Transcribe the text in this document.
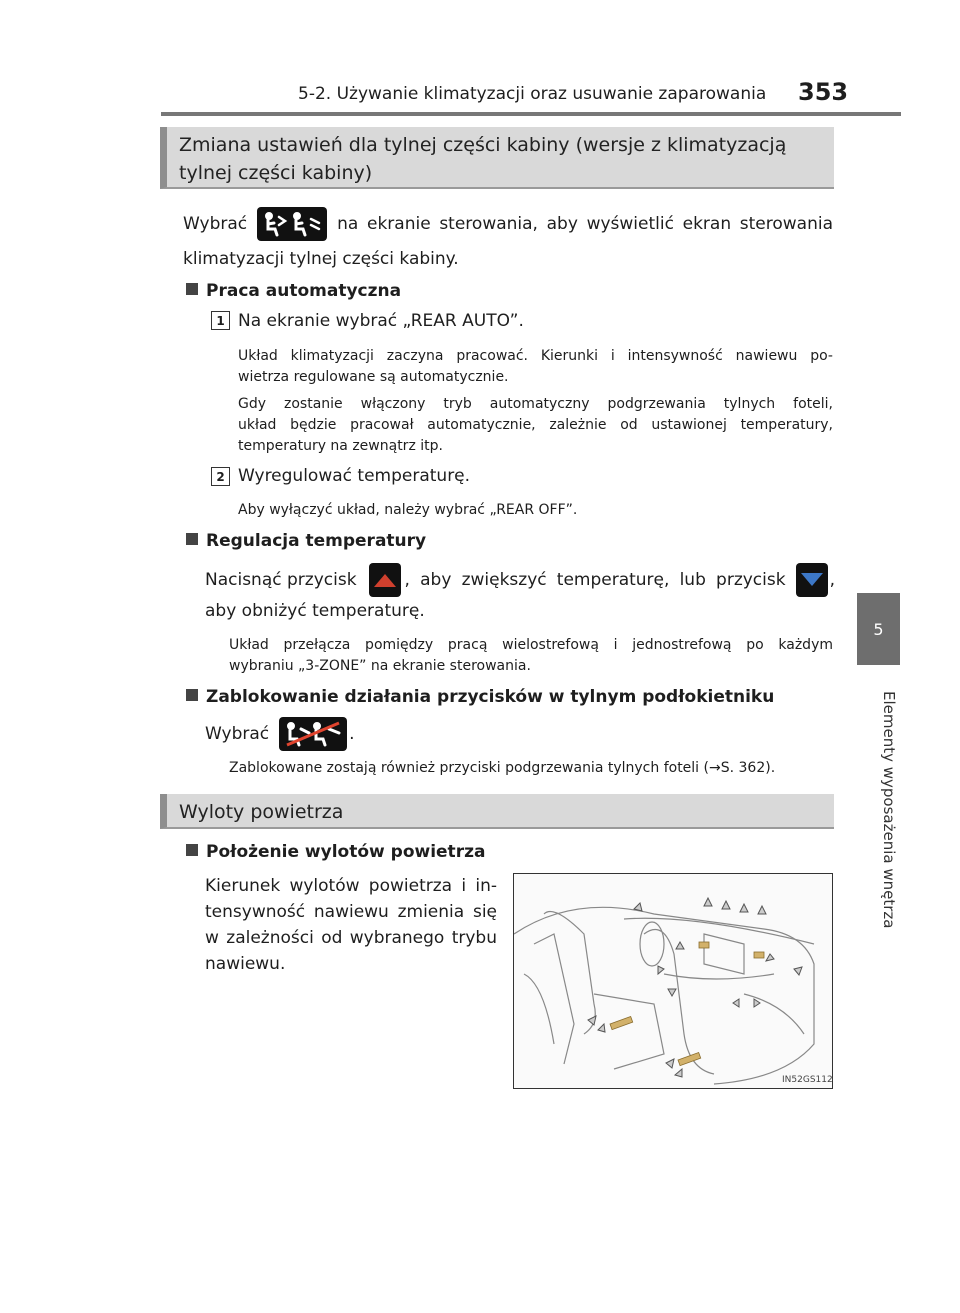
5-2. Używanie klimatyzacji oraz usuwanie zaparowania 353
5
Elementy wyposażenia wnętrza
Zmiana ustawień dla tylnej części kabiny (wersje z klimatyzacją
tylnej części kabiny)
Wybrać	na ekranie sterowania, aby wyświetlić ekran sterowania
klimatyzacji tylnej części kabiny.
Praca automatyczna
1 Na ekranie wybrać „REAR AUTO”.
Układ klimatyzacji zaczyna pracować. Kierunki i intensywność nawiewu po-
wietrza regulowane są automatycznie.
Gdy zostanie włączony tryb automatyczny podgrzewania tylnych foteli,
układ będzie pracował automatycznie, zależnie od ustawionej temperatury,
temperatury na zewnątrz itp.
2 Wyregulować temperaturę.
Aby wyłączyć układ, należy wybrać „REAR OFF”.
Regulacja temperatury
Nacisnąć przycisk	, aby zwiększyć temperaturę, lub przycisk	,
aby obniżyć temperaturę.
Układ przełącza pomiędzy pracą wielostrefową i jednostrefową po każdym
wybraniu „3-ZONE” na ekranie sterowania.
Zablokowanie działania przycisków w tylnym podłokietniku
Wybrać	.
Zablokowane zostają również przyciski podgrzewania tylnych foteli (→S. 362).
Wyloty powietrza
Położenie wylotów powietrza
Kierunek wylotów powietrza i in-
tensywność nawiewu zmienia się
w zależności od wybranego trybu
nawiewu.
IN52GS112
